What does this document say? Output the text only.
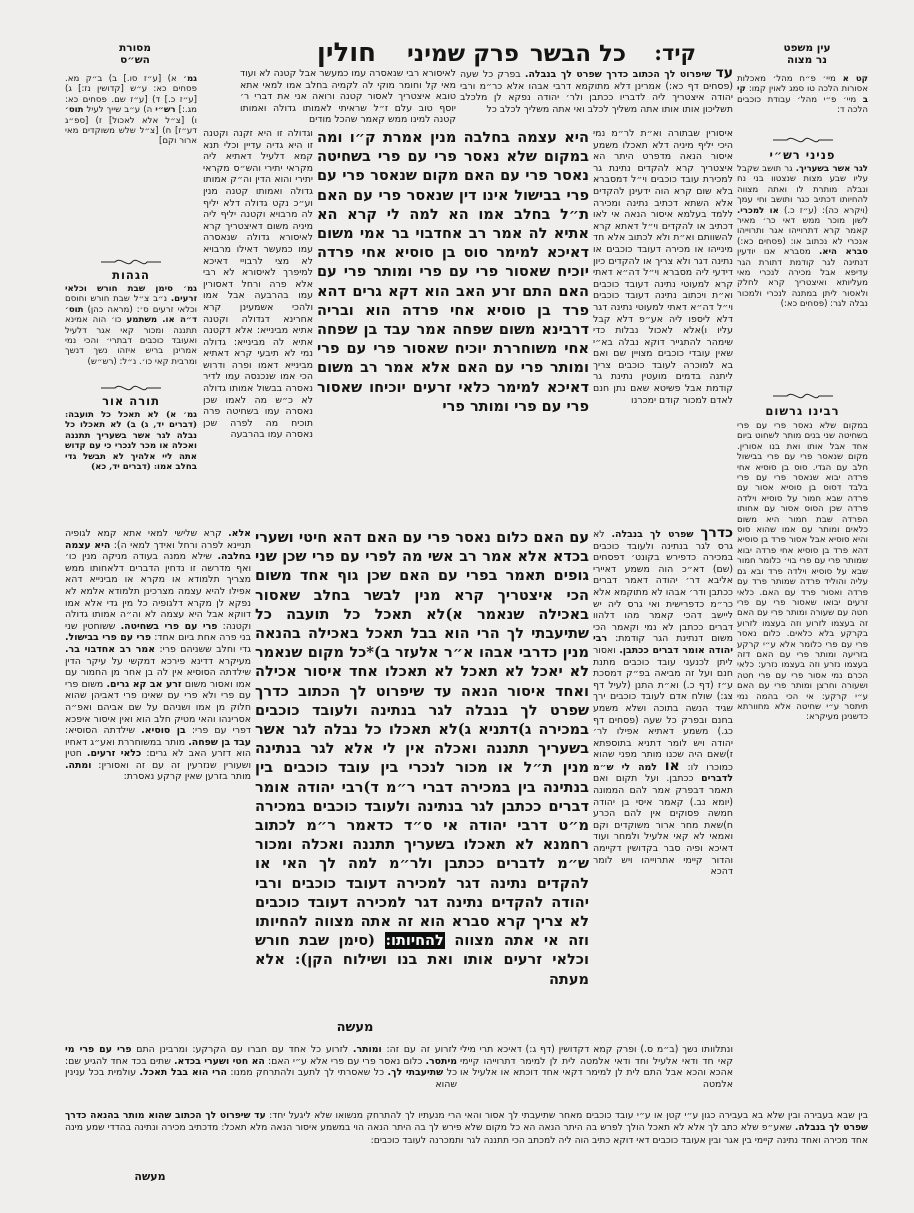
עין משפט
נר מצוה
קיד:
כל הבשר
פרק שמיני
חולין
מסורת
הש״ס
קט א מיי׳ פ״ח מהל׳ מאכלות אסורות הלכה טו סמג לאוין קמו: קי ב מיי׳ פ״י מהל׳ עבודת כוכבים הלכה ד:
פניני רש״י
לגר אשר בשעריך. גר תושב שקבל עליו שבע מצות שנצטוו בני נח ונבלה מותרת לו ואתה מצווה להחיותו דכתיב כגר ותושב וחי עמך (ויקרא כה): (ע״ז כ.) או למכרי. לשון מוכר ממש דאי כר׳ מאיר קאמר קרא דתרוייהו אגר ותרוייהו אנכרי לא נכתוב או: (פסחים כא:) סברא היא. מסברא אנו יודעין דנתינה לגר קודמת דתורת הגר עדיפא אבל מכירה לנכרי מאי מעליותא ואיצטריך קרא לחלק ולאסור ליתן במתנה לנכרי ולמכור נבלה לגר: (פסחים כא:)
רבינו גרשום
במקום שלא נאסר פרי עם פרי בשחיטה שני בנים מותר לשחוט ביום אחד אבל אותו ואת בנו אסורין. מקום שנאסר פרי עם פרי בבישול חלב עם הגדי. סוס בן סוסיא אחי פרדה יבוא שנאסר פרי עם פרי בלבד דסוס בן סוסיא אסור עם פרדה שבא חמור על סוסיא וילדה פרדה שכן הסוס אסור עם אחותו הפרדה שבת חמור היא משום כלאים ומותר עם אמו שהוא סוס והיא סוסיא אבל אסור פרד בן סוסיא דהא פרד בן סוסיא אחי פרדה יבוא שמותר פרי עם פרי בוי׳ כלומר חמור שבא על סוסיא וילדה פרד ובא גם עליה והוליד פרדה שמותר פרד עם פרדה ואסור פרד עם האם. כלאי זרעים יבואו שאסור פרי עם פרי חטה עם שעורה ומותר פרי עם האם זה בעצמו לזרוע וזה בעצמו לזרוע בקרקע בלא כלאים. כלום נאסר פרי עם פרי כלומר אלא ע״י קרקע בזריעה ומותר פרי עם האם דזה בעצמו נזרע וזה בעצמו נזרע: כלאי הכרם נמי אסור פרי עם פרי חטה ושעורה וחרצן ומותר פרי עם האם ע״י קרקע: אי הכי בהמה נמי תיתסר ע״י שחיטה אלא מחוורתא כדשנינן מעיקרא:
עד שיפרוט לך הכתוב כדרך שפרט לך בנבלה. בפרק כל שעה (פסחים דף כא:) אמרינן דלא מתוקמא דרבי אבהו אלא כר״מ ורבי יהודה איצטריך ליה לדבריו ככתבן ולר׳ יהודה נפקא לן מלכלב תשליכון אותו אותו אתה משליך לכלב ואי אתה משליך לכלב כל
לאיסורא רבי שנאסרה עמו כמעשר אבל קטנה לא ועוד מאי קל וחומר מוקי לה לקמיה בחלב אמו למאי אתא טובא איצטריך לאסור קטנה ורואה אני את דברי ר׳ יוסף טוב עלם ז״ל שראיתי לאמותו גדולה ואמותו קטנה למינו ממש קאמר שהכל מודים
איסורין שבתורה וא״ת לר״מ נמי היכי יליף מיניה דלא תאכלו משמע איסור הנאה מדפרט היתר הא איצטריך קרא להקדים נתינת גר למכירת עובד כוכבים וי״ל דמסברא בלא שום קרא הוה ידעינן להקדים אלא השתא דכתיב נתינה ומכירה ללמד בעלמא איסור הנאה אי לאו דכתיב או להקדים וי״ל דאתא קרא להשוותם וא״ת ולא לכתוב אלא חד מינייהו או מכירה דעובד כוכבים או נתינה דגר ולא צריך או להקדים כיון דידעי ליה מסברא וי״ל דה״א דאתי קרא למעוטי נתינה דעובד כוכבים וא״ת ויכתוב נתינה דעובד כוכבים וי״ל דה״א דאתי למעוטי נתינה דגר דלא ליספו ליה אע״פ דלא קבל עליו ו)אלא לאכול נבלות כדי שימהר להתגייר דוקא נבלה בא״י שאין עובדי כוכבים מצויין שם ואם בא למוכרה לעובד כוכבים צריך ליתנה בדמים מועטין נתינת גר קודמת אבל פשיטא שאם נתן חנם לאדם למכור קודם ימכרנו
היא עצמה בחלבה מנין אמרת ק״ו ומה במקום שלא נאסר פרי עם פרי בשחיטה נאסר פרי עם האם מקום שנאסר פרי עם פרי בבישול אינו דין שנאסר פרי עם האם ת״ל בחלב אמו הא למה לי קרא הא אתיא לה אמר רב אחדבוי בר אמי משום דאיכא למימר סוס בן סוסיא אחי פרדה יוכיח שאסור פרי עם פרי ומותר פרי עם האם התם זרע האב הוא דקא גרים דהא פרד בן סוסיא אחי פרדה הוא ובריה דרבינא משום שפחה אמר עבד בן שפחה אחי משוחררת יוכיח שאסור פרי עם פרי ומותר פרי עם האם אלא אמר רב משום דאיכא למימר כלאי זרעים יוכיחו שאסור פרי עם פרי ומותר פרי
וגדולה זו היא זקנה וקטנה זו היא גדיה עדיין וכלי תנא קמא דלעיל דאתיא ליה מקראי יתירי והש״ס מקראי יתירי והוא הדין וה״ק אמותו גדולה ואמותו קטנה מנין וע״כ נקט גדולה דלא יליף לה מרבויא וקטנה יליף ליה מיניה משום דאיצטריך קרא לאיסורא גדולה שנאסרה עמו כמעשר דאילו מרבויא לא מצי לרבויי דאיכא למיפרך לאיסורא לא רבי אלא פרה ורחל דאסורין עמו בהרבעה אבל אמו ולהכי אשמעינן קרא אחרינא דגדולה וקטנה אתיא מבינייא: אלא דקטנה אתיא לה מבינייא: גדולה נמי לא תיבעי קרא דאתיא מבינייא דאמו ופרה ודרוש הכי אמו שנכנסה עמו לדיר נאסרה בבשול אמותו גדולה לא כ״ש מה לאמו שכן נאסרה עמו בשחיטה פרה תוכיח מה לפרה שכן נאסרה עמו בהרבעה
גמ׳ א) [ע״ז סו.] ב) ב״ק מא. פסחים כא: ע״ש [קדושין נז:] ג) [ע״ז כ.] ד) [ע״ז שם. פסחים כא: מג.:] רש״י ה) ע״ב שייך לעיל תוס׳ ו) [צ״ל אלא לאכול] ז) [ספ״ג דע״ז] ח) [צ״ל שלש משוקדים מאי ארור וקם]
הגהות
גמ׳ סימן שבת חורש וכלאי זרעים. נ״ב צ״ל שבת חורש וחוסם וכלאי זרעים ס׳: (מראה כהן) תוס׳ ד״ה או. משתמע כו׳ הוה אמינא תתננה ומכור קאי אגר דלעיל ואעובד כוכבים דבתרי׳ והכי נמי אמרינן בריש איזהו נשך דנשך ומרבית קאי כו׳. נ״ל: (רש״ש)
תורה אור
גמ׳ א) לא תאכל כל תועבה: (דברים יד, ג) ב) לא תאכלו כל נבלה לגר אשר בשעריך תתננה ואכלה או מכר לנכרי כי עם קדוש אתה ליי אלהיך לא תבשל גדי בחלב אמו: (דברים יד, כא)
כדרך שפרט לך בנבלה. לא גרס לגר בנתינה ולעובד כוכבים במכירה כדפירש בקונט׳ דפסחים (שם) דא״כ הוה משמע דאיירי אליבא דר׳ יהודה דאמר דברים ככתבן ודר׳ אבהו לא מתוקמא אלא כר״מ כדפרישית ואי גרס ליה יש ליישב דהכי קאמר מהו דלהוו דברים ככתבן לא נמי וקאמר הכי משום דנתינת הגר קודמת: רבי יהודה אומר דברים ככתבן. ואסור ליתן לכנעני עובד כוכבים מתנת חנם ועל זה מביאה בפ״ק דמסכת ע״ז (דף כ.) וא״ת התנן (לעיל דף צג:) שולח אדם לעובד כוכבים ירך שגיד הנשה בתוכה ושלא משמע בחנם ובפרק כל שעה (פסחים דף כג.) משמע דאתיא אפילו לר׳ יהודה ויש לומר דתניא בתוספתא ז)שאם היה שכנו מותר מפני שהוא כמוכרו לו: או למה לי ש״מ לדברים ככתבן. ועל תקום ואם תאמר דבפרק אמר להם הממונה (יומא נב.) קאמר איסי בן יהודה חמשה פסוקים אין להם הכרע ח)שאת מחר ארור משוקדים וקם ואמאי לא קאי אלעיל ולמחר ועוד דאיכא ופיה סבר בקדושין דקיימה והדור קיימי אתרוייהו ויש לומר דהכא
עם האם כלום נאסר פרי עם האם דהא חיטי ושערי בכדא אלא אמר רב אשי מה לפרי עם פרי שכן שני גופים תאמר בפרי עם האם שכן גוף אחד משום הכי איצטריך קרא מנין לבשר בחלב שאסור באכילה שנאמר א)לא תאכל כל תועבה כל שתיעבתי לך הרי הוא בבל תאכל באכילה בהנאה מנין כדרבי אבהו א״ר אלעזר ב)*כל מקום שנאמר לא יאכל לא תאכל לא תאכלו אחד איסור אכילה ואחד איסור הנאה עד שיפרוט לך הכתוב כדרך שפרט לך בנבלה לגר בנתינה ולעובד כוכבים במכירה ג)דתניא ג)לא תאכלו כל נבלה לגר אשר בשעריך תתננה ואכלה אין לי אלא לגר בנתינה מנין ת״ל או מכור לנכרי בין עובד כוכבים בין בנתינה בין במכירה דברי ר״מ ד)רבי יהודה אומר דברים ככתבן לגר בנתינה ולעובד כוכבים במכירה מ״ט דרבי יהודה אי ס״ד כדאמר ר״מ לכתוב רחמנא לא תאכלו בשעריך תתננה ואכלה ומכור ש״מ לדברים ככתבן ולר״מ למה לך האי או להקדים נתינה דגר למכירה דעובד כוכבים ורבי יהודה להקדים נתינה דגר למכירה דעובד כוכבים לא צריך קרא סברא הוא זה אתה מצווה להחיותו וזה אי אתה מצווה להחיותו: (סימן שבת חורש וכלאי זרעים אותו ואת בנו ושילוח הקן): אלא מעתה
מעשה
אלא. קרא שלישי למאי אתא קמא לגופיה תניינא לפרה ורחל ואידך למאי ה): היא עצמה בחלבה. שילא ממנה בעודה מניקה מנין כו׳ ואף מדרשה זו נדחין הדברים דלאחותו ממש מצריך תלמודא או מקרא או מבינייא דהא אפילו להיא עצמה מצרכינן תלמודא אלמא לא נפקא לן מקרא דלגופיה כל מין גדי אלא אמו דווקא אבל היא עצמה לא וה״ה אמותו גדולה וקטנה: פרי עם פרי בשחיטה. ששוחטין שני בני פרה אחת ביום אחד: פרי עם פרי בבישול. גדי וחלב ששניהם פרי: אמר רב אחדבוי בר. מעיקרא דדינא פירכא דמקשי על עיקר הדין שילדתה הסוסיא אין לה בן אחר מן החמור עם אמו ואסור משום זרע אב קא גרים. משום פרי עם פרי ולא פרי עם שאינו פרי דאביהן שהוא חלוק מן אמו ושניהם על שם אביהם ואפ״ה אסרינהו והאי מטיק חלב הוא ואין איסור איפכא דפרי עם פרי: בן סוסיא. שילדתה הסוסיא: עבד בן שפחה. מותר במשוחררת ואע״ג דאחיו הוא דזרע האב לא גרים: כלאי זרעים. חטין ושעורין שנזרעין זה עם זה ואסורין: ומתה. מותר בזרען שאין קרקע נאסרת:
ונתלוותו נשך (ב״מ ס.) ופרק קמא דקדושין (דף ג:) דאיכא תרי מילי קאי חד ודאי אלעיל וחד ודאי אלמטה לית לן למימר דתרוייהו קיימי אהכא והכא אבל התם לית לן למימר דקאי אחד דוכתא או אלעיל או אלמטה
לזרוע זה עם זה: ומותר. לזרוע כל אחד עם חברו עם הקרקע: ומרבינן התם פרי עם פרי מי מיתסר. כלום נאסר פרי עם פרי אלא ע״י האם: הא חטי ושערי בכדא. שתים בכד אחד להגיע שם: כל שתיעבתי לך. כל שאסרתי לך לתעב ולהתרחק ממנו: הרי הוא בבל תאכל. עולמית בכל ענינין שהוא
בין שבא בעבירה ובין שלא בא בעבירה כגון ע״י קטן או ע״י עובד כוכבים מאחר שתיעבתי לך אסור והאי הרי מנעתיו לך להתרחק מנשואו שלא ליגעל יחד: עד שיפרוט לך הכתוב שהוא מותר בהנאה כדרך שפרט לך בנבלה. שאע״פ שלא כתב לך אלא לא תאכל הולך לפרש בה היתר הנאה הא כל מקום שלא פירש לך בה היתר הנאה הוי במשמע איסור הנאה מלא תאכל: מדכתיב מכירה ונתינה בהדדי שמע מינה אחד מכירה ואחד נתינה קיימי בין אגר ובין אעובד כוכבים דאי דוקא כתיב הוה ליה למכתב הכי תתננה לגר ותמכרנה לעובד כוכבים:
מעשה
